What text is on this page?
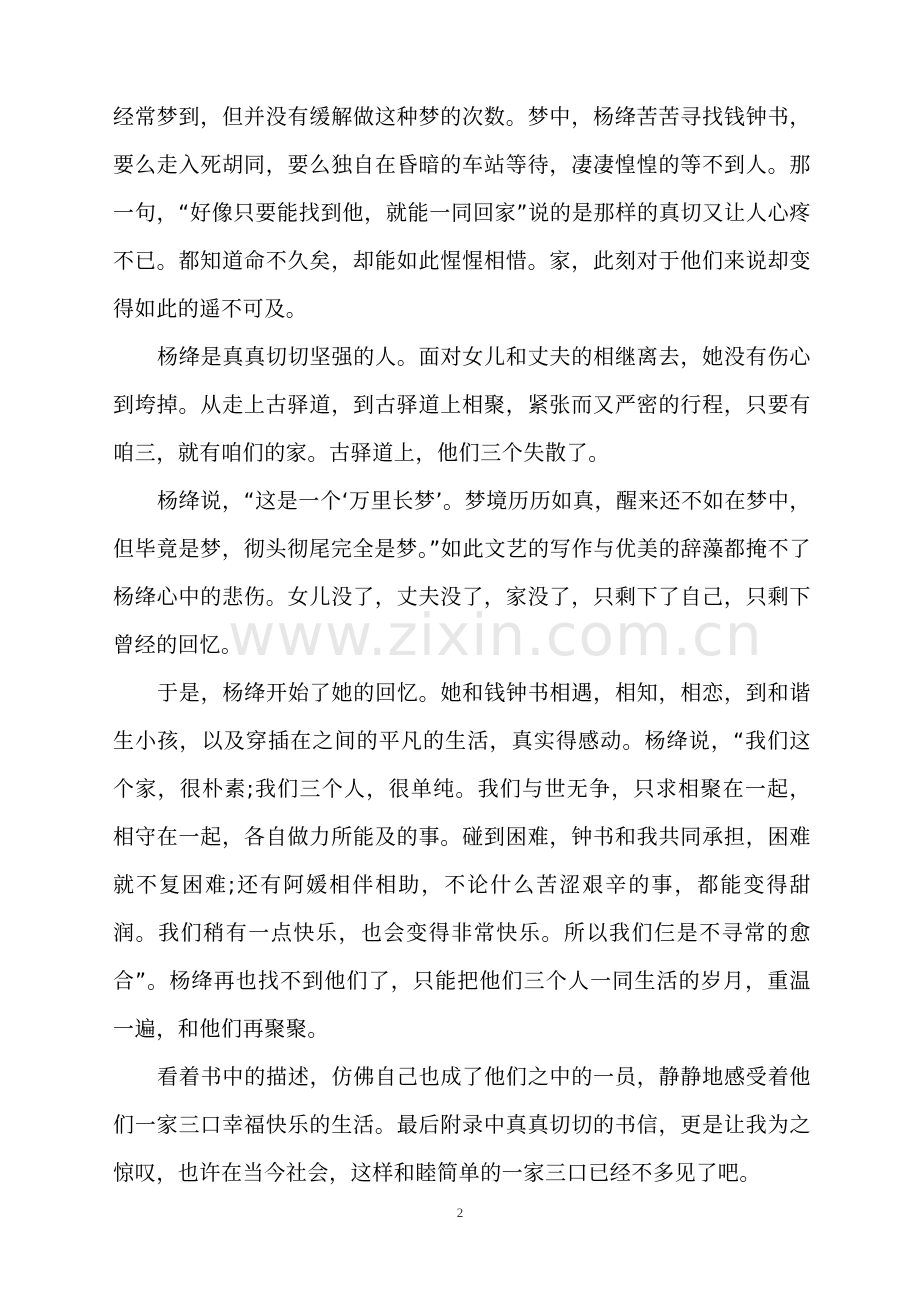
经常梦到，但并没有缓解做这种梦的次数。梦中，杨绛苦苦寻找钱钟书，要么走入死胡同，要么独自在昏暗的车站等待，凄凄惶惶的等不到人。那一句，“好像只要能找到他，就能一同回家”说的是那样的真切又让人心疼不已。都知道命不久矣，却能如此惺惺相惜。家，此刻对于他们来说却变得如此的遥不可及。

杨绛是真真切切坚强的人。面对女儿和丈夫的相继离去，她没有伤心到垮掉。从走上古驿道，到古驿道上相聚，紧张而又严密的行程，只要有咱三，就有咱们的家。古驿道上，他们三个失散了。

杨绛说，“这是一个‘万里长梦’。梦境历历如真，醒来还不如在梦中，但毕竟是梦，彻头彻尾完全是梦。”如此文艺的写作与优美的辞藻都掩不了杨绛心中的悲伤。女儿没了，丈夫没了，家没了，只剩下了自己，只剩下曾经的回忆。

于是，杨绛开始了她的回忆。她和钱钟书相遇，相知，相恋，到和谐生小孩，以及穿插在之间的平凡的生活，真实得感动。杨绛说，“我们这个家，很朴素;我们三个人，很单纯。我们与世无争，只求相聚在一起，相守在一起，各自做力所能及的事。碰到困难，钟书和我共同承担，困难就不复困难;还有阿媛相伴相助，不论什么苦涩艰辛的事，都能变得甜润。我们稍有一点快乐，也会变得非常快乐。所以我们仨是不寻常的愈合”。杨绛再也找不到他们了，只能把他们三个人一同生活的岁月，重温一遍，和他们再聚聚。

看着书中的描述，仿佛自己也成了他们之中的一员，静静地感受着他们一家三口幸福快乐的生活。最后附录中真真切切的书信，更是让我为之惊叹，也许在当今社会，这样和睦简单的一家三口已经不多见了吧。

www.zixin.com.cn
2
